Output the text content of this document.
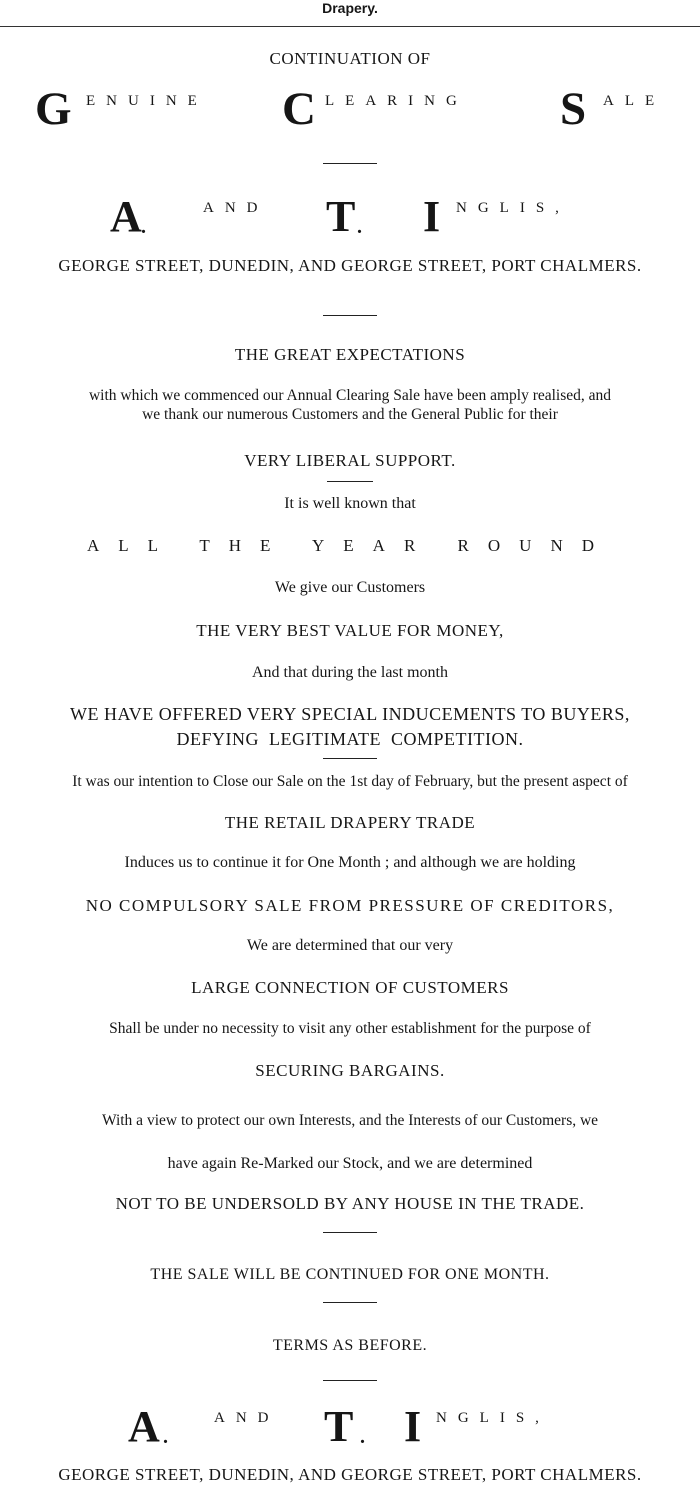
Drapery.
CONTINUATION OF
G ENUINE C LEARING S ALE
A .
AND T . I NGLIS,
GEORGE STREET, DUNEDIN, AND GEORGE STREET, PORT CHALMERS.
THE GREAT EXPECTATIONS
with which we commenced our Annual Clearing Sale have been amply realised, and
we thank our numerous Customers and the General Public for their
VERY LIBERAL SUPPORT.
It is well known that
ALL THE YEAR ROUND
We give our Customers
THE VERY BEST VALUE FOR MONEY,
And that during the last month
WE HAVE OFFERED VERY SPECIAL INDUCEMENTS TO BUYERS,
DEFYING LEGITIMATE COMPETITION.
It was our intention to Close our Sale on the 1st day of February, but the present aspect of
THE RETAIL DRAPERY TRADE
Induces us to continue it for One Month ; and although we are holding
NO COMPULSORY SALE FROM PRESSURE OF CREDITORS,
We are determined that our very
LARGE CONNECTION OF CUSTOMERS
Shall be under no necessity to visit any other establishment for the purpose of
SECURING BARGAINS.
With a view to protect our own Interests, and the Interests of our Customers, we
have again Re-Marked our Stock, and we are determined
NOT TO BE UNDERSOLD BY ANY HOUSE IN THE TRADE.
THE SALE WILL BE CONTINUED FOR ONE MONTH.
TERMS AS BEFORE.
A .
AND T . I NGLIS,
GEORGE STREET, DUNEDIN, AND GEORGE STREET, PORT CHALMERS.
